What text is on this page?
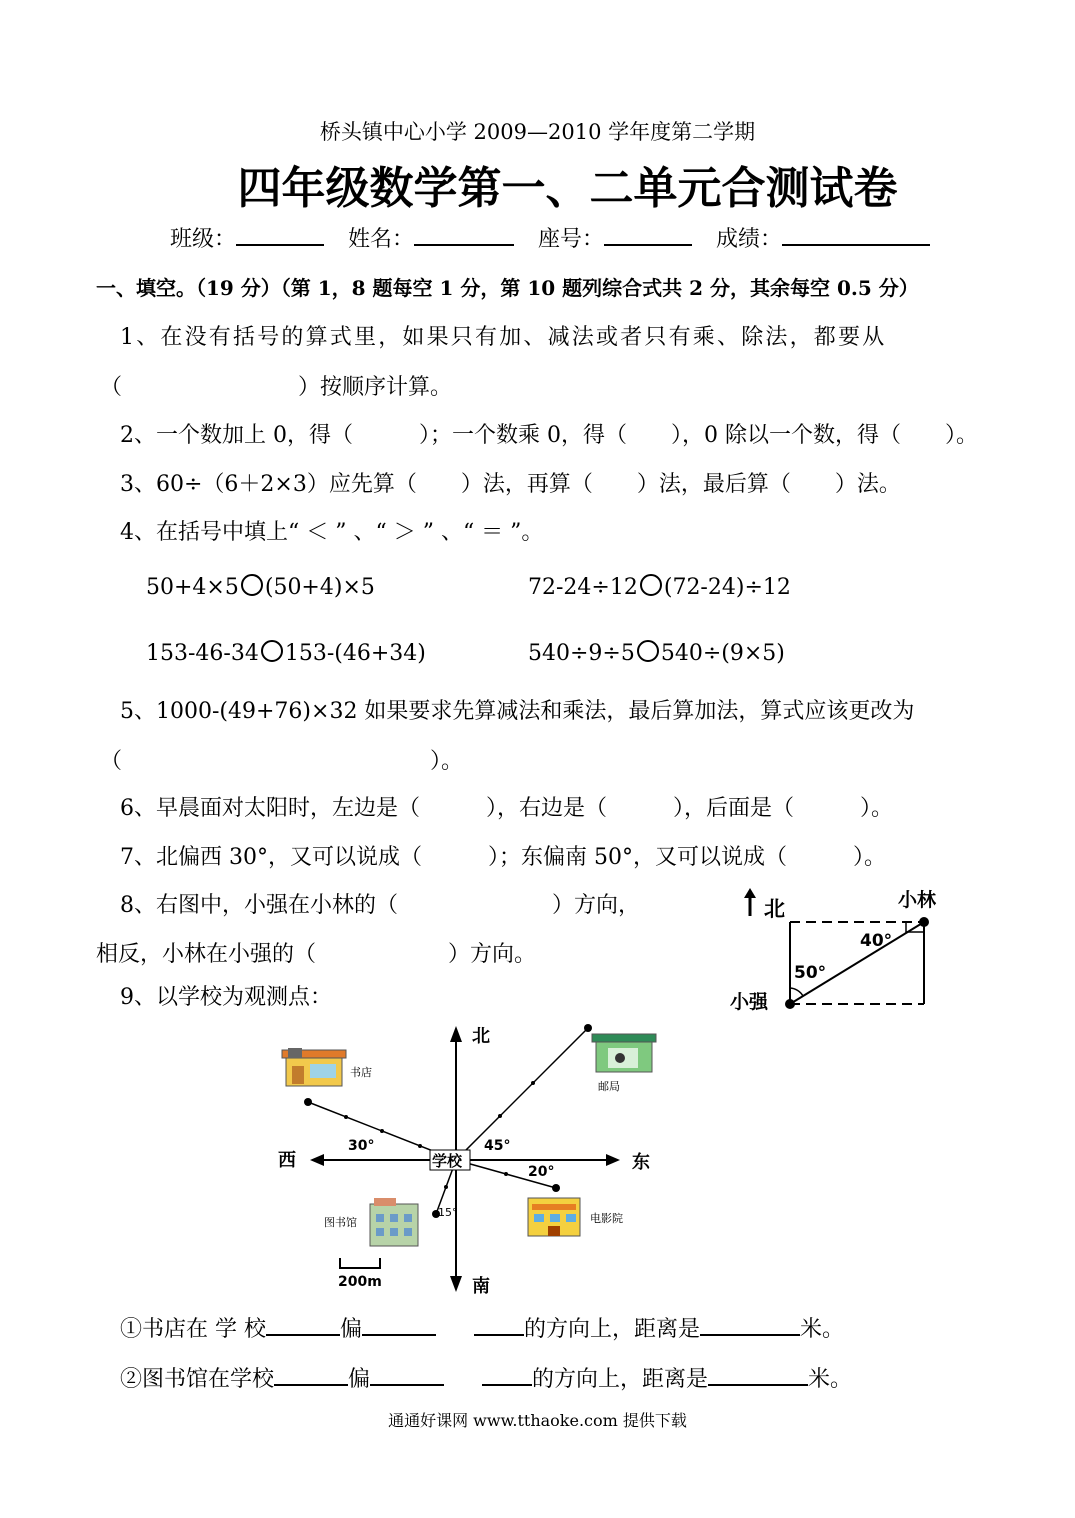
桥头镇中心小学 2009—2010 学年度第二学期
四年级数学第一、二单元合测试卷
班级：	姓名：	座号：	成绩：
一、填空。（19 分）（第 1，8 题每空 1 分，第 10 题列综合式共 2 分，其余每空 0.5 分）
1、在没有括号的算式里，如果只有加、减法或者只有乘、除法，都要从
（　　　　　　　　）按顺序计算。
2、一个数加上 0，得（　　　）；一个数乘 0，得（　　），0 除以一个数，得（　　）。
3、60÷（6＋2×3）应先算（　　）法，再算（　　）法，最后算（　　）法。
4、在括号中填上“ ＜ ” 、“ ＞ ” 、“ ＝ ”。
50+4×5 (50+4)×5	72-24÷12 (72-24)÷12
153-46-34 153-(46+34)	540÷9÷5 540÷(9×5)
5、1000-(49+76)×32 如果要求先算减法和乘法，最后算加法，算式应该更改为
（　　　　　　　　　　　　　　）。
6、早晨面对太阳时，左边是（　　　），右边是（　　　），后面是（　　　）。
7、北偏西 30°，又可以说成（　　　）；东偏南 50°，又可以说成（　　　）。
8、右图中，小强在小林的（　　　　　　　）方向，
相反，小林在小强的（　　　　　　）方向。
9、以学校为观测点：
北	小林
小强
40°
50°
北
南
东
西	学校
30°	45°
20°
15°
书店
邮局
图书馆	电影院
200m
①书店在 学 校	偏	的方向上，距离是	米。
②图书馆在学校	偏	的方向上，距离是	米。
通通好课网 www.tthaoke.com 提供下载
